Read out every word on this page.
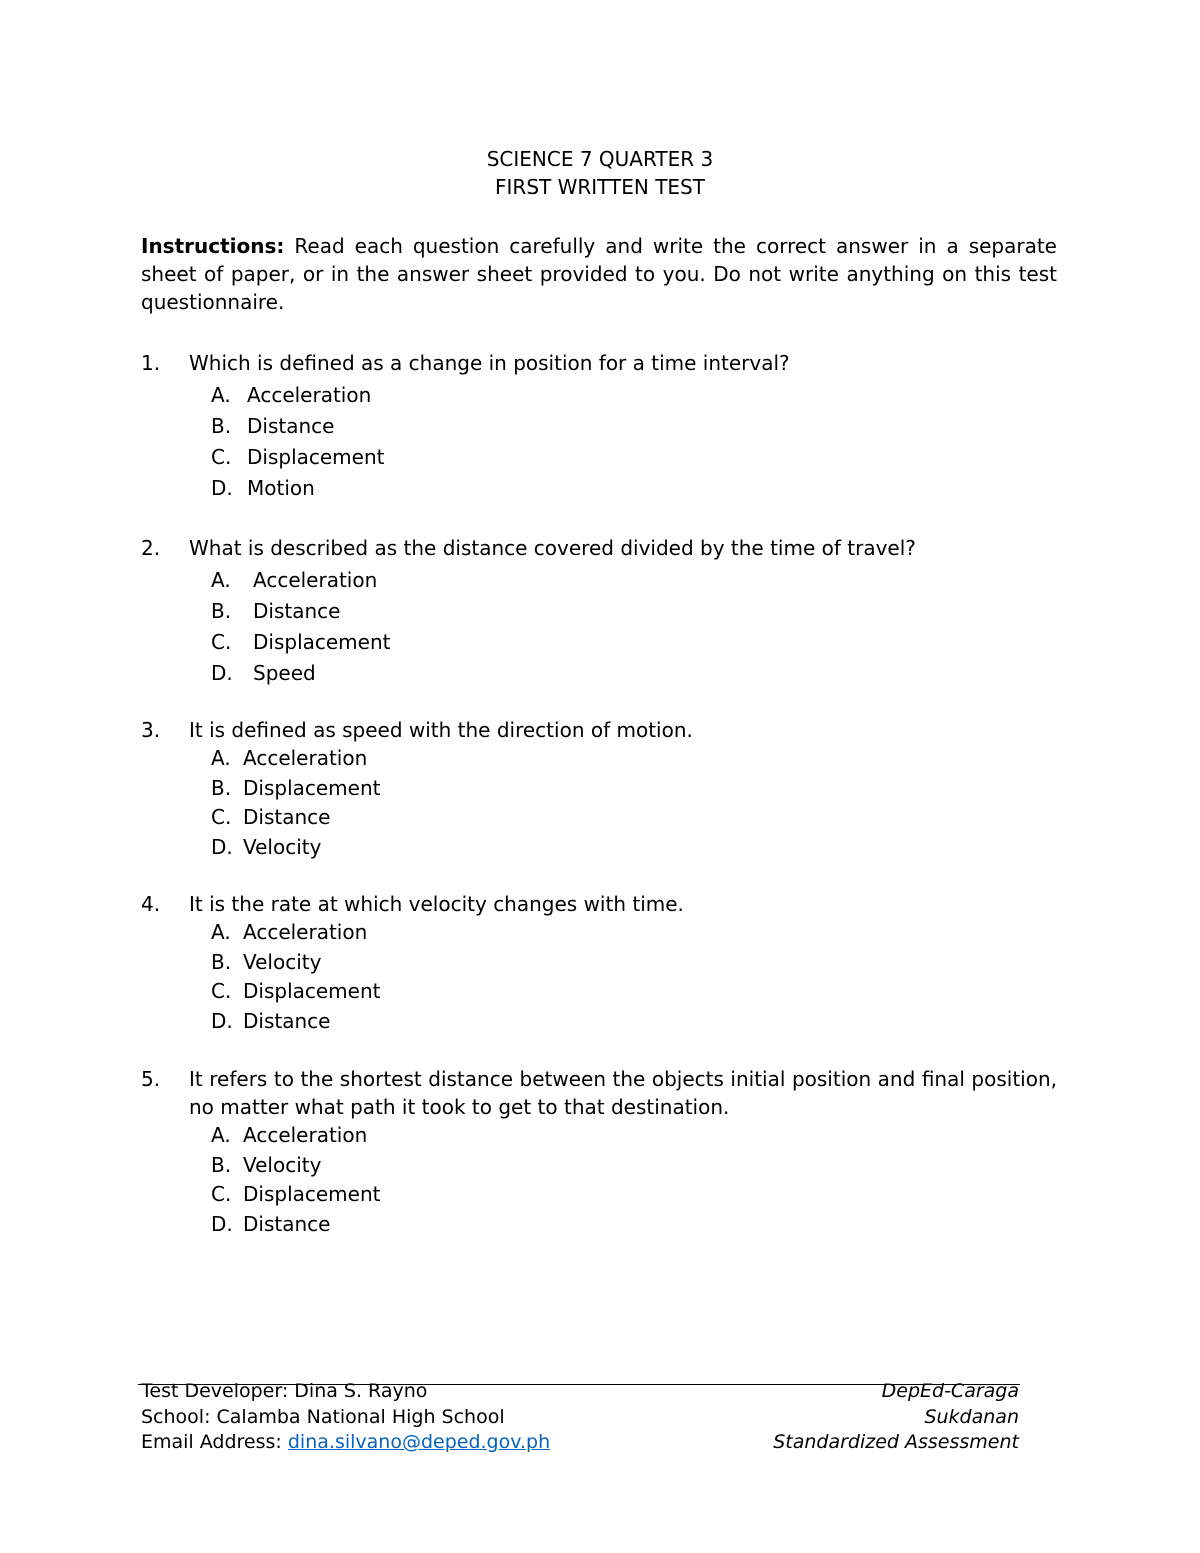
SCIENCE 7 QUARTER 3
FIRST WRITTEN TEST
Instructions: Read each question carefully and write the correct answer in a separate sheet of paper, or in the answer sheet provided to you. Do not write anything on this test questionnaire.
1. Which is defined as a change in position for a time interval?
A. Acceleration
B. Distance
C. Displacement
D. Motion
2. What is described as the distance covered divided by the time of travel?
A. Acceleration
B. Distance
C. Displacement
D. Speed
3. It is defined as speed with the direction of motion.
A. Acceleration
B. Displacement
C. Distance
D. Velocity
4. It is the rate at which velocity changes with time.
A. Acceleration
B. Velocity
C. Displacement
D. Distance
5. It refers to the shortest distance between the objects initial position and final position, no matter what path it took to get to that destination.
A. Acceleration
B. Velocity
C. Displacement
D. Distance
Test Developer: Dina S. Rayno
School: Calamba National High School
Email Address: dina.silvano@deped.gov.ph
DepEd-Caraga
Sukdanan
Standardized Assessment
